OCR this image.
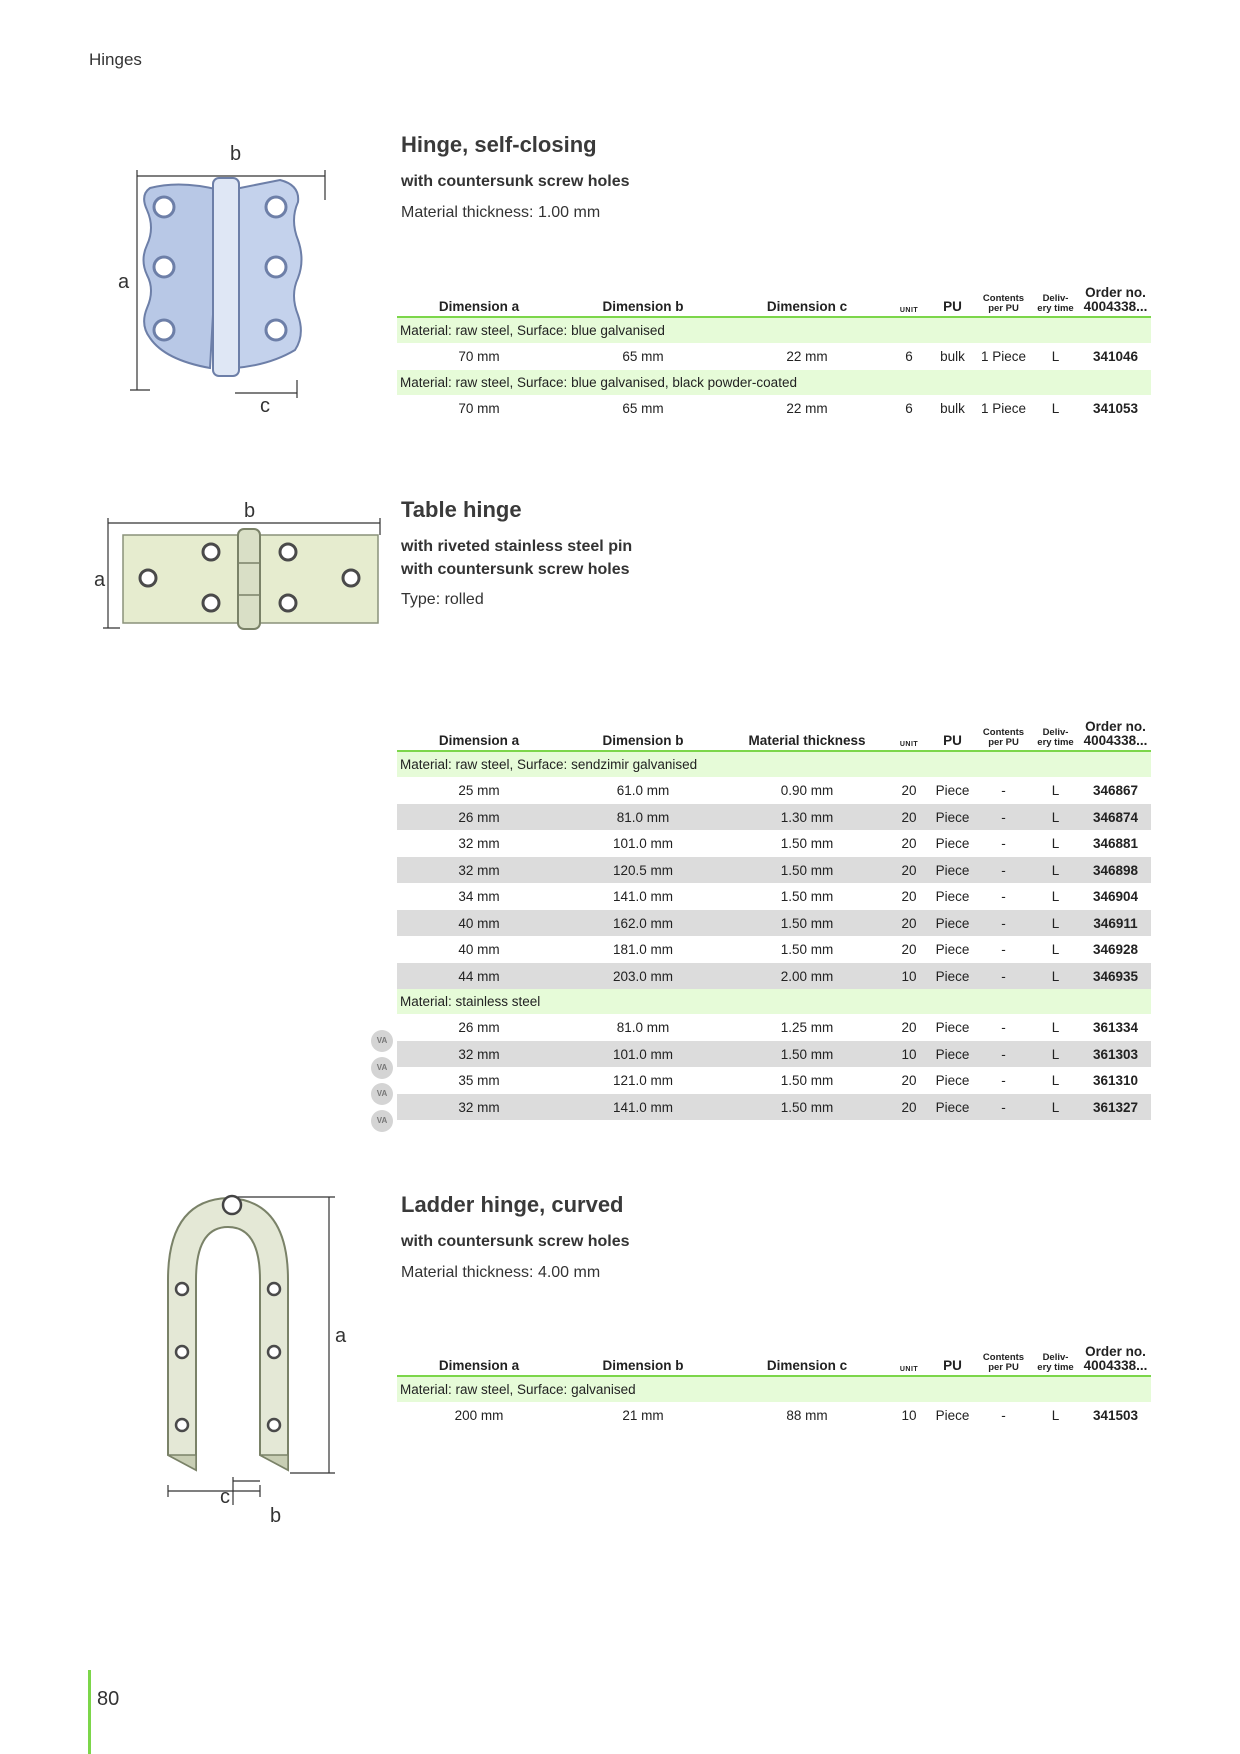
Hinges
b
a
c
Hinge, self-closing
with countersunk screw holes
Material thickness: 1.00 mm
Dimension a	Dimension b	Dimension c	UNIT	PU	Contents
per PU	Deliv-
ery time	Order no.
4004338...
Material: raw steel, Surface: blue galvanised							
70 mm	65 mm	22 mm	6	bulk	1 Piece	L	341046
Material: raw steel, Surface: blue galvanised, black powder-coated							
70 mm	65 mm	22 mm	6	bulk	1 Piece	L	341053
b
a
Table hinge
with riveted stainless steel pin
with countersunk screw holes
Type: rolled
Dimension a	Dimension b	Material thickness	UNIT	PU	Contents
per PU	Deliv-
ery time	Order no.
4004338...
Material: raw steel, Surface: sendzimir galvanised							
25 mm	61.0 mm	0.90 mm	20	Piece	-	L	346867
26 mm	81.0 mm	1.30 mm	20	Piece	-	L	346874
32 mm	101.0 mm	1.50 mm	20	Piece	-	L	346881
32 mm	120.5 mm	1.50 mm	20	Piece	-	L	346898
34 mm	141.0 mm	1.50 mm	20	Piece	-	L	346904
40 mm	162.0 mm	1.50 mm	20	Piece	-	L	346911
40 mm	181.0 mm	1.50 mm	20	Piece	-	L	346928
44 mm	203.0 mm	2.00 mm	10	Piece	-	L	346935
Material: stainless steel							
26 mm	81.0 mm	1.25 mm	20	Piece	-	L	361334
32 mm	101.0 mm	1.50 mm	10	Piece	-	L	361303
35 mm	121.0 mm	1.50 mm	20	Piece	-	L	361310
32 mm	141.0 mm	1.50 mm	20	Piece	-	L	361327
VA
VA
VA
VA
a
c
b
Ladder hinge, curved
with countersunk screw holes
Material thickness: 4.00 mm
Dimension a	Dimension b	Dimension c	UNIT	PU	Contents
per PU	Deliv-
ery time	Order no.
4004338...
Material: raw steel, Surface: galvanised							
200 mm	21 mm	88 mm	10	Piece	-	L	341503
80
